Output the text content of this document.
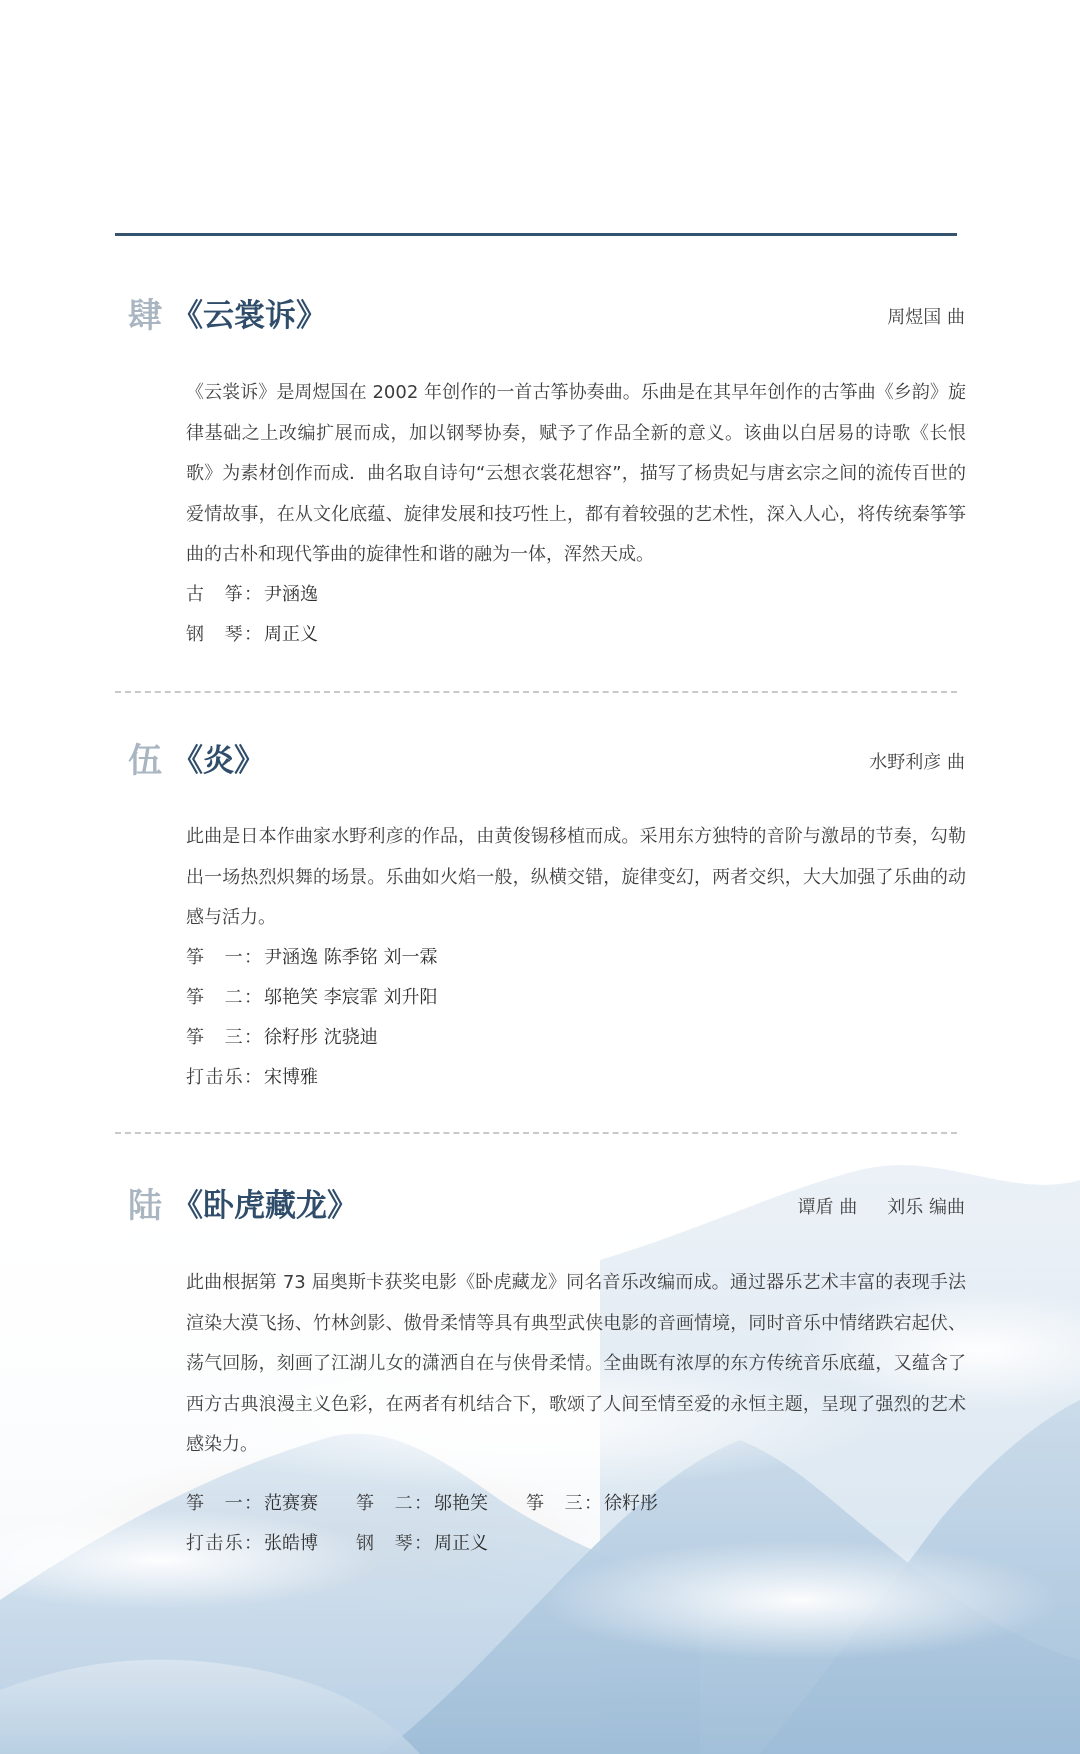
肆 《云裳诉》	周煜国 曲

《云裳诉》是周煜国在 2002 年创作的一首古筝协奏曲。乐曲是在其早年创作的古筝曲《乡韵》旋律基础之上改编扩展而成，加以钢琴协奏，赋予了作品全新的意义。该曲以白居易的诗歌《长恨歌》为素材创作而成．曲名取自诗句“云想衣裳花想容”，描写了杨贵妃与唐玄宗之间的流传百世的爱情故事，在从文化底蕴、旋律发展和技巧性上，都有着较强的艺术性，深入人心，将传统秦筝筝曲的古朴和现代筝曲的旋律性和谐的融为一体，浑然天成。

古　筝： 尹涵逸
钢　琴： 周正义
伍 《炎》	水野利彦 曲

此曲是日本作曲家水野利彦的作品，由黄俊锡移植而成。采用东方独特的音阶与激昂的节奏，勾勒出一场热烈炽舞的场景。乐曲如火焰一般，纵横交错，旋律变幻，两者交织，大大加强了乐曲的动感与活力。

筝　一： 尹涵逸 陈季铭 刘一霖
筝　二： 邬艳笑 李宸霏 刘升阳
筝　三： 徐籽彤 沈骁迪
打击乐： 宋博雅
陆 《卧虎藏龙》	谭盾 曲 刘乐 编曲

此曲根据第 73 届奥斯卡获奖电影《卧虎藏龙》同名音乐改编而成。通过器乐艺术丰富的表现手法渲染大漠飞扬、竹林剑影、傲骨柔情等具有典型武侠电影的音画情境，同时音乐中情绪跌宕起伏、荡气回肠，刻画了江湖儿女的潇洒自在与侠骨柔情。全曲既有浓厚的东方传统音乐底蕴，又蕴含了西方古典浪漫主义色彩，在两者有机结合下，歌颂了人间至情至爱的永恒主题，呈现了强烈的艺术感染力。

筝　一： 范赛赛 筝　二： 邬艳笑 筝　三： 徐籽彤
打击乐： 张皓博 钢　琴： 周正义
